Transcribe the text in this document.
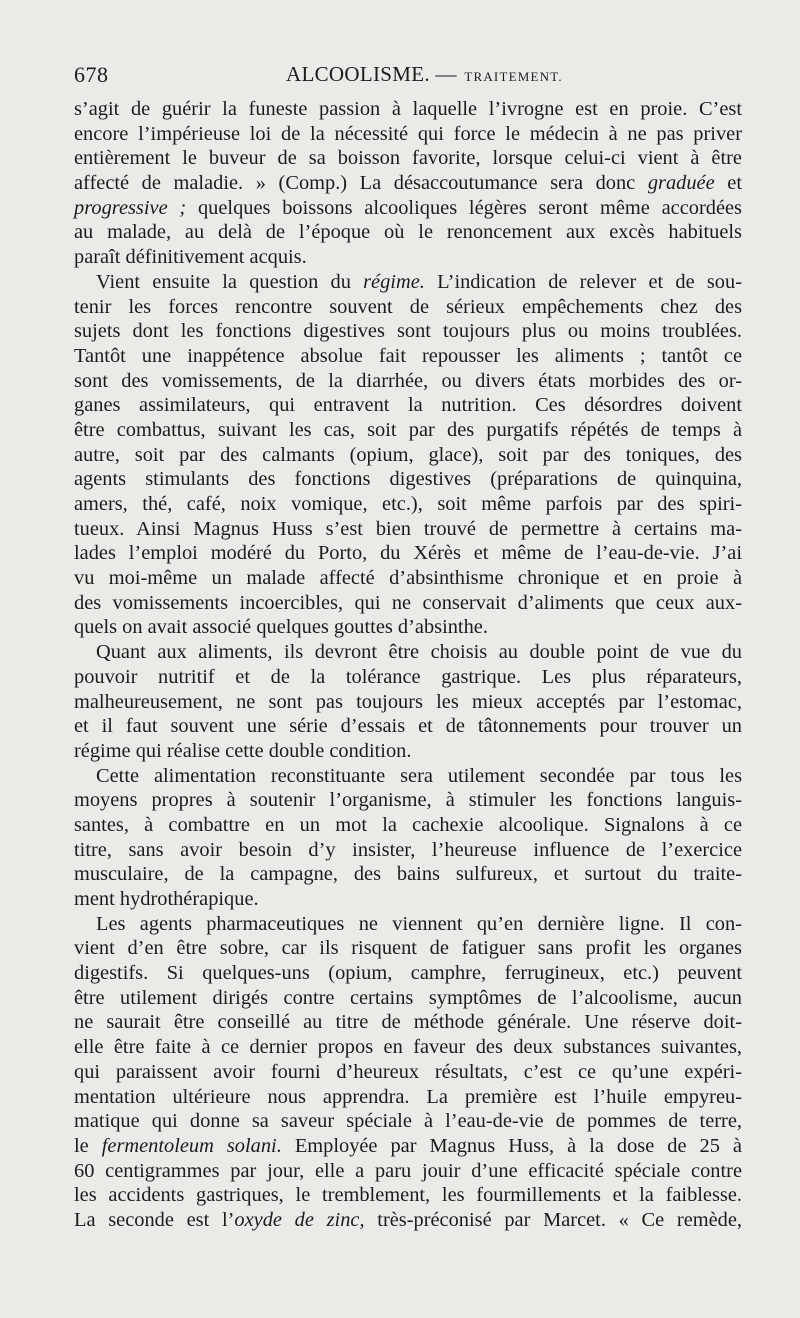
678	ALCOOLISME. — TRAITEMENT.
s’agit de guérir la funeste passion à laquelle l’ivrogne est en proie. C’est
encore l’impérieuse loi de la nécessité qui force le médecin à ne pas priver
entièrement le buveur de sa boisson favorite, lorsque celui-ci vient à être
affecté de maladie. » (Comp.) La désaccoutumance sera donc graduée et
progressive ; quelques boissons alcooliques légères seront même accordées
au malade, au delà de l’époque où le renoncement aux excès habituels
paraît définitivement acquis.
Vient ensuite la question du régime. L’indication de relever et de sou-
tenir les forces rencontre souvent de sérieux empêchements chez des
sujets dont les fonctions digestives sont toujours plus ou moins troublées.
Tantôt une inappétence absolue fait repousser les aliments ; tantôt ce
sont des vomissements, de la diarrhée, ou divers états morbides des or-
ganes assimilateurs, qui entravent la nutrition. Ces désordres doivent
être combattus, suivant les cas, soit par des purgatifs répétés de temps à
autre, soit par des calmants (opium, glace), soit par des toniques, des
agents stimulants des fonctions digestives (préparations de quinquina,
amers, thé, café, noix vomique, etc.), soit même parfois par des spiri-
tueux. Ainsi Magnus Huss s’est bien trouvé de permettre à certains ma-
lades l’emploi modéré du Porto, du Xérès et même de l’eau-de-vie. J’ai
vu moi-même un malade affecté d’absinthisme chronique et en proie à
des vomissements incoercibles, qui ne conservait d’aliments que ceux aux-
quels on avait associé quelques gouttes d’absinthe.
Quant aux aliments, ils devront être choisis au double point de vue du
pouvoir nutritif et de la tolérance gastrique. Les plus réparateurs,
malheureusement, ne sont pas toujours les mieux acceptés par l’estomac,
et il faut souvent une série d’essais et de tâtonnements pour trouver un
régime qui réalise cette double condition.
Cette alimentation reconstituante sera utilement secondée par tous les
moyens propres à soutenir l’organisme, à stimuler les fonctions languis-
santes, à combattre en un mot la cachexie alcoolique. Signalons à ce
titre, sans avoir besoin d’y insister, l’heureuse influence de l’exercice
musculaire, de la campagne, des bains sulfureux, et surtout du traite-
ment hydrothérapique.
Les agents pharmaceutiques ne viennent qu’en dernière ligne. Il con-
vient d’en être sobre, car ils risquent de fatiguer sans profit les organes
digestifs. Si quelques-uns (opium, camphre, ferrugineux, etc.) peuvent
être utilement dirigés contre certains symptômes de l’alcoolisme, aucun
ne saurait être conseillé au titre de méthode générale. Une réserve doit-
elle être faite à ce dernier propos en faveur des deux substances suivantes,
qui paraissent avoir fourni d’heureux résultats, c’est ce qu’une expéri-
mentation ultérieure nous apprendra. La première est l’huile empyreu-
matique qui donne sa saveur spéciale à l’eau-de-vie de pommes de terre,
le fermentoleum solani. Employée par Magnus Huss, à la dose de 25 à
60 centigrammes par jour, elle a paru jouir d’une efficacité spéciale contre
les accidents gastriques, le tremblement, les fourmillements et la faiblesse.
La seconde est l’oxyde de zinc, très-préconisé par Marcet. « Ce remède,
